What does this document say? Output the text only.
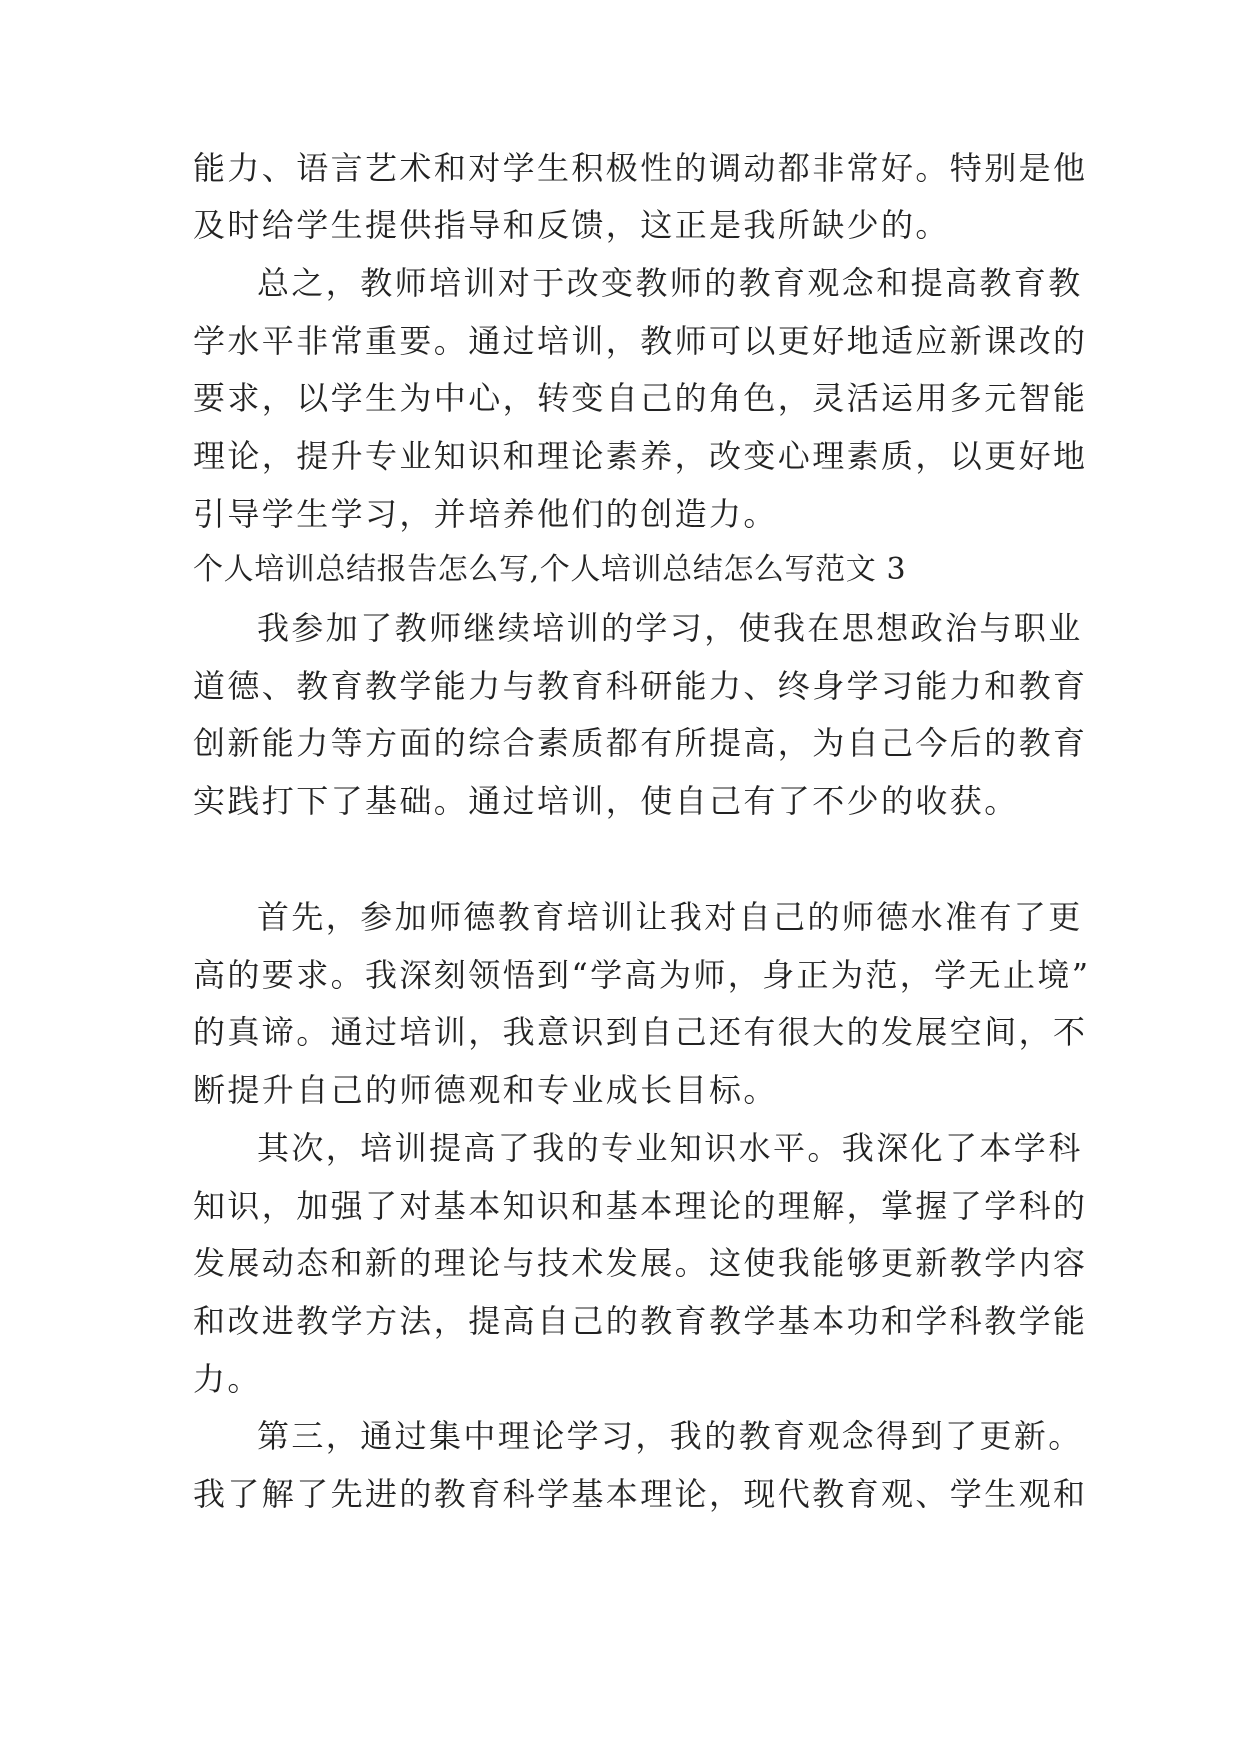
能力、语言艺术和对学生积极性的调动都非常好。特别是他
及时给学生提供指导和反馈，这正是我所缺少的。
总之，教师培训对于改变教师的教育观念和提高教育教
学水平非常重要。通过培训，教师可以更好地适应新课改的
要求，以学生为中心，转变自己的角色，灵活运用多元智能
理论，提升专业知识和理论素养，改变心理素质，以更好地
引导学生学习，并培养他们的创造力。
个人培训总结报告怎么写,个人培训总结怎么写范文 3
我参加了教师继续培训的学习，使我在思想政治与职业
道德、教育教学能力与教育科研能力、终身学习能力和教育
创新能力等方面的综合素质都有所提高，为自己今后的教育
实践打下了基础。通过培训，使自己有了不少的收获。
首先，参加师德教育培训让我对自己的师德水准有了更
高的要求。我深刻领悟到“学高为师，身正为范，学无止境”
的真谛。通过培训，我意识到自己还有很大的发展空间，不
断提升自己的师德观和专业成长目标。
其次，培训提高了我的专业知识水平。我深化了本学科
知识，加强了对基本知识和基本理论的理解，掌握了学科的
发展动态和新的理论与技术发展。这使我能够更新教学内容
和改进教学方法，提高自己的教育教学基本功和学科教学能
力。
第三，通过集中理论学习，我的教育观念得到了更新。
我了解了先进的教育科学基本理论，现代教育观、学生观和
